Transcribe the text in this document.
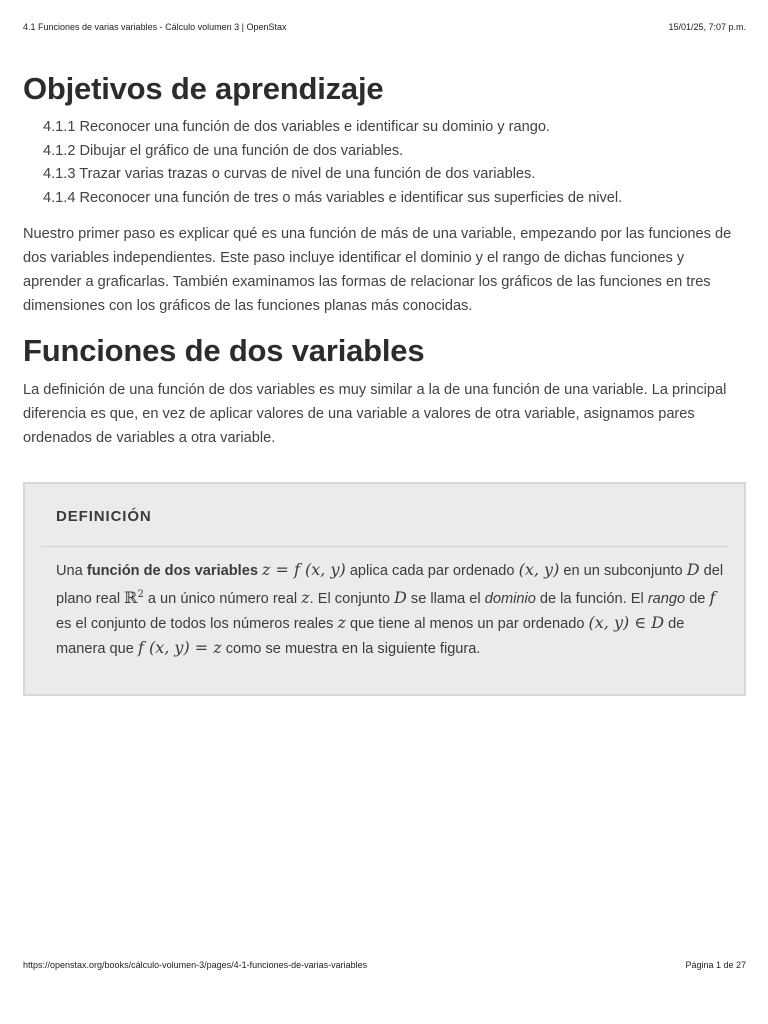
4.1 Funciones de varias variables - Cálculo volumen 3 | OpenStax	15/01/25, 7:07 p.m.
Objetivos de aprendizaje
4.1.1 Reconocer una función de dos variables e identificar su dominio y rango.
4.1.2 Dibujar el gráfico de una función de dos variables.
4.1.3 Trazar varias trazas o curvas de nivel de una función de dos variables.
4.1.4 Reconocer una función de tres o más variables e identificar sus superficies de nivel.

Nuestro primer paso es explicar qué es una función de más de una variable, empezando por las funciones de dos variables independientes. Este paso incluye identificar el dominio y el rango de dichas funciones y aprender a graficarlas. También examinamos las formas de relacionar los gráficos de las funciones en tres dimensiones con los gráficos de las funciones planas más conocidas.

Funciones de dos variables

La definición de una función de dos variables es muy similar a la de una función de una variable. La principal diferencia es que, en vez de aplicar valores de una variable a valores de otra variable, asignamos pares ordenados de variables a otra variable.

DEFINICIÓN
Una función de dos variables z = f (x, y) aplica cada par ordenado (x, y) en un subconjunto D del plano real ℝ$^2$ a un único número real z. El conjunto D se llama el dominio de la función. El rango de f es el conjunto de todos los números reales z que tiene al menos un par ordenado (x, y) ∈ D de manera que f (x, y) = z como se muestra en la siguiente figura.
https://openstax.org/books/cálculo-volumen-3/pages/4-1-funciones-de-varias-variables	Página 1 de 27
